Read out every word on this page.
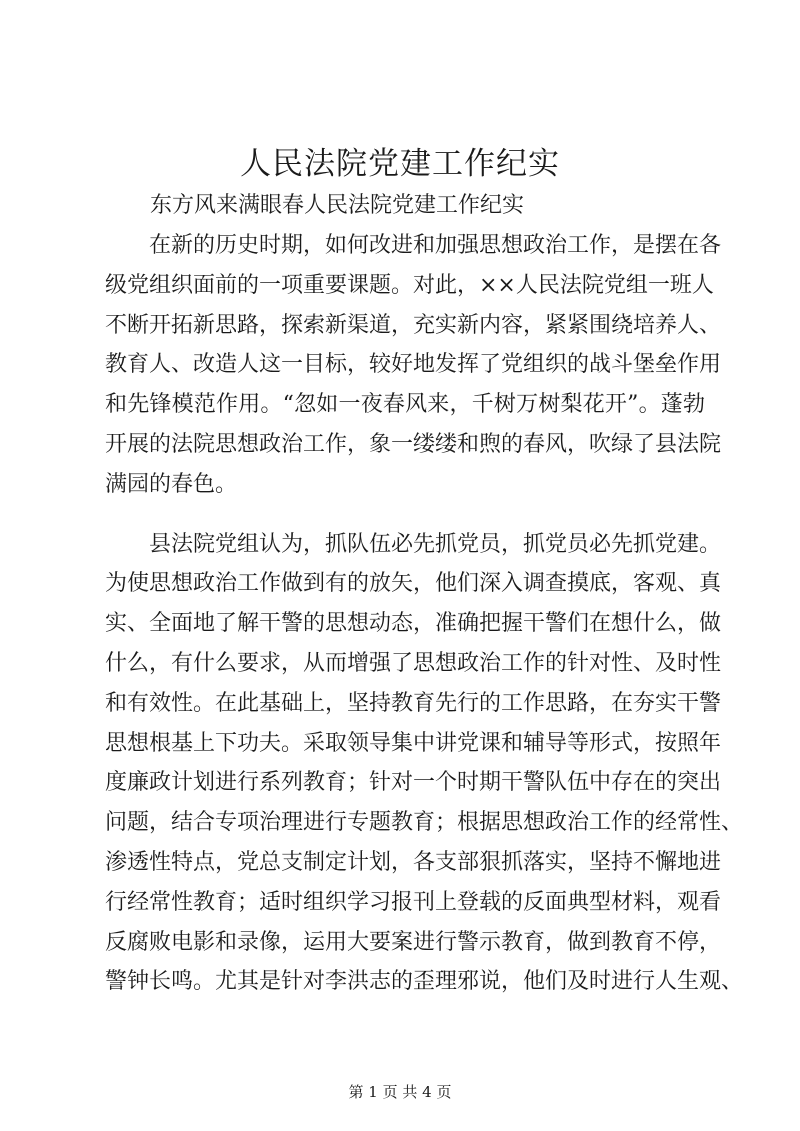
人民法院党建工作纪实

东方风来满眼春人民法院党建工作纪实

在新的历史时期，如何改进和加强思想政治工作，是摆在各
级党组织面前的一项重要课题。对此，××人民法院党组一班人
不断开拓新思路，探索新渠道，充实新内容，紧紧围绕培养人、
教育人、改造人这一目标，较好地发挥了党组织的战斗堡垒作用
和先锋模范作用。“忽如一夜春风来，千树万树梨花开”。蓬勃
开展的法院思想政治工作，象一缕缕和煦的春风，吹绿了县法院
满园的春色。
县法院党组认为，抓队伍必先抓党员，抓党员必先抓党建。
为使思想政治工作做到有的放矢，他们深入调查摸底，客观、真
实、全面地了解干警的思想动态，准确把握干警们在想什么，做
什么，有什么要求，从而增强了思想政治工作的针对性、及时性
和有效性。在此基础上，坚持教育先行的工作思路，在夯实干警
思想根基上下功夫。采取领导集中讲党课和辅导等形式，按照年
度廉政计划进行系列教育；针对一个时期干警队伍中存在的突出
问题，结合专项治理进行专题教育；根据思想政治工作的经常性、
渗透性特点，党总支制定计划，各支部狠抓落实，坚持不懈地进
行经常性教育；适时组织学习报刊上登载的反面典型材料，观看
反腐败电影和录像，运用大要案进行警示教育，做到教育不停，
警钟长鸣。尤其是针对李洪志的歪理邪说，他们及时进行人生观、

第 1 页 共 4 页
